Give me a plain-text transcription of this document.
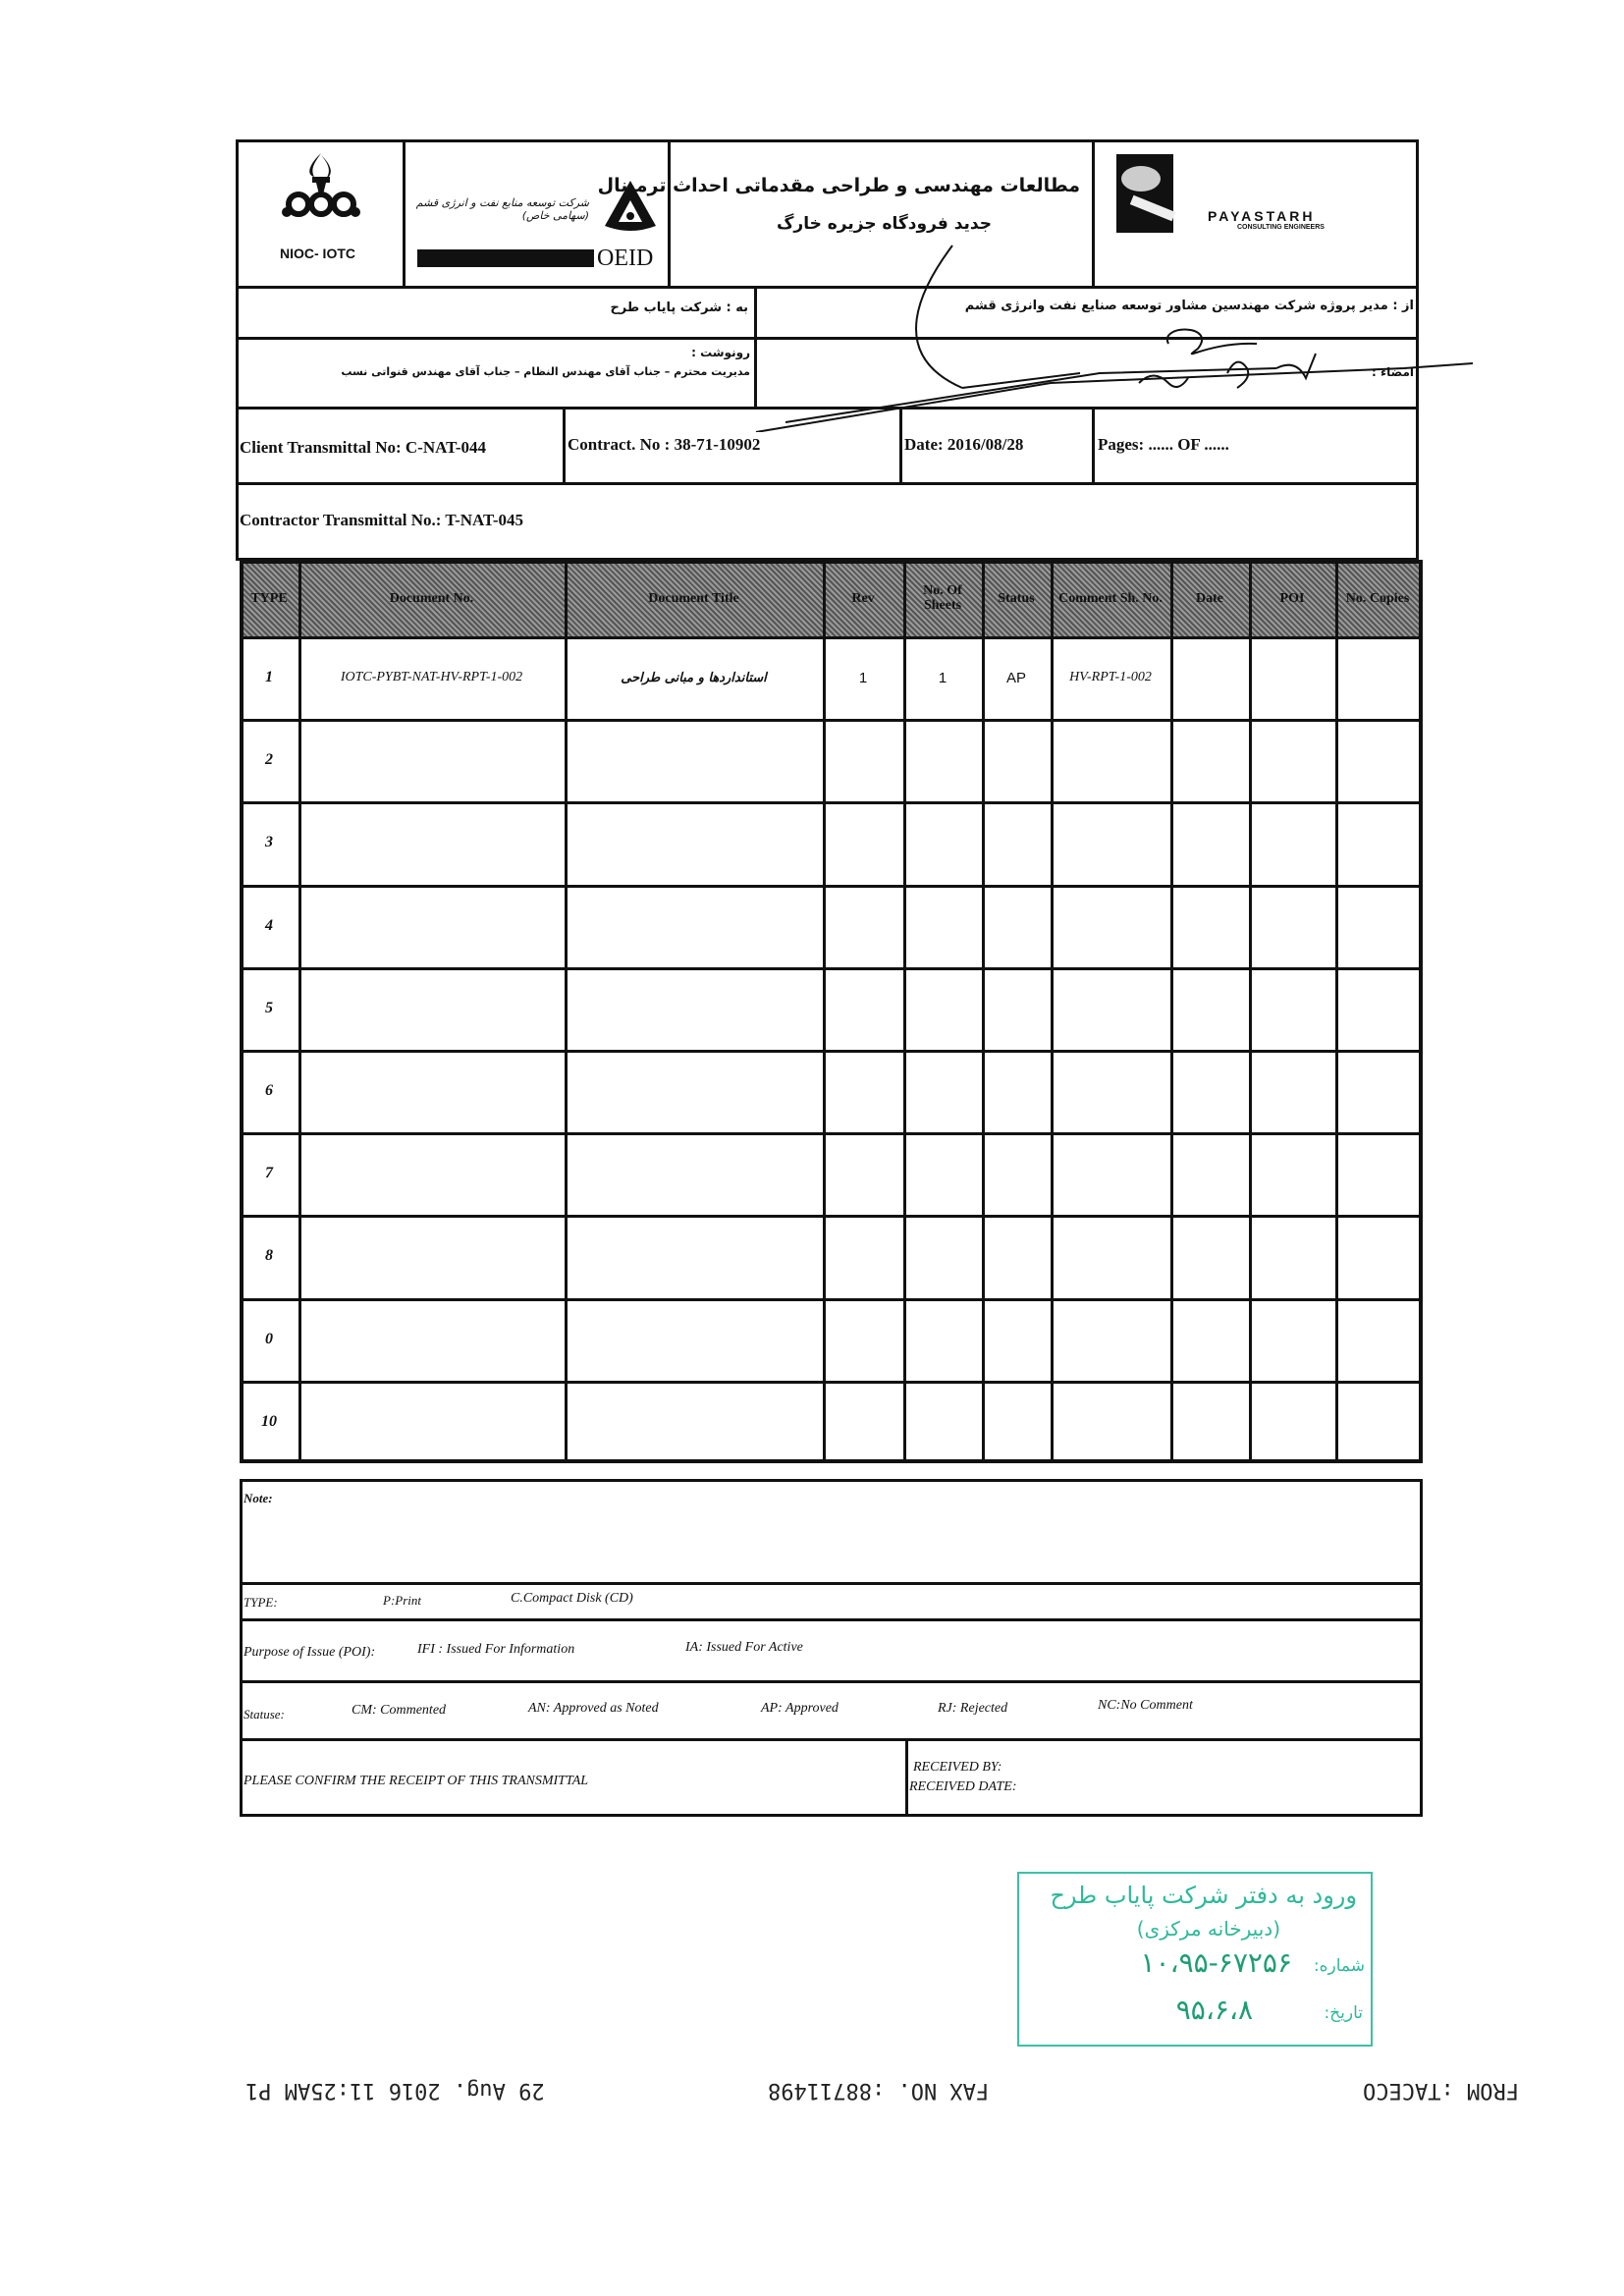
NIOC- IOTC
شرکت توسعه منابع نفت و انرژی قشم (سهامی خاص)
OEID
مطالعات مهندسی و طراحی مقدماتی احداث ترمینال
جدید فرودگاه جزیره خارگ	PAYASTARH
CONSULTING ENGINEERS
به : شرکت پایاب طرح	از : مدیر پروژه شرکت مهندسین مشاور توسعه صنایع نفت وانرژی قشم
رونوشت :
مدیریت محترم – جناب آقای مهندس النظام – جناب آقای مهندس قنواتی نسب	امضاء :
Client Transmittal No: C-NAT-044	Contract. No : 38-71-10902	Date: 2016/08/28	Pages: ...... OF ......
Contractor Transmittal No.: T-NAT-045
TYPE	Document No.	Document Title	Rev	No. Of Sheets	Status	Comment Sh. No.	Date	POI	No. Copies
1	IOTC-PYBT-NAT-HV-RPT-1-002	استانداردها و مبانی طراحی	1	1	AP	HV-RPT-1-002
2
3
4
5
6
7
8
0
10
Note:
TYPE:	P:Print	C.Compact Disk (CD)
Purpose of Issue (POI):	IFI : Issued For Information	IA: Issued For Active
Statuse:	CM: Commented	AN: Approved as Noted	AP: Approved	RJ: Rejected	NC:No Comment
PLEASE CONFIRM THE RECEIPT OF THIS TRANSMITTAL
RECEIVED BY:
RECEIVED DATE:
ورود به دفتر شرکت پایاب طرح
(دبیرخانه مرکزی)
شماره:
۱۰،۹۵-۶۷۲۵۶
تاریخ:
۹۵،۶،۸
29 Aug. 2016 11:25AM P1	FAX NO. :88711498	FROM :TACECO
